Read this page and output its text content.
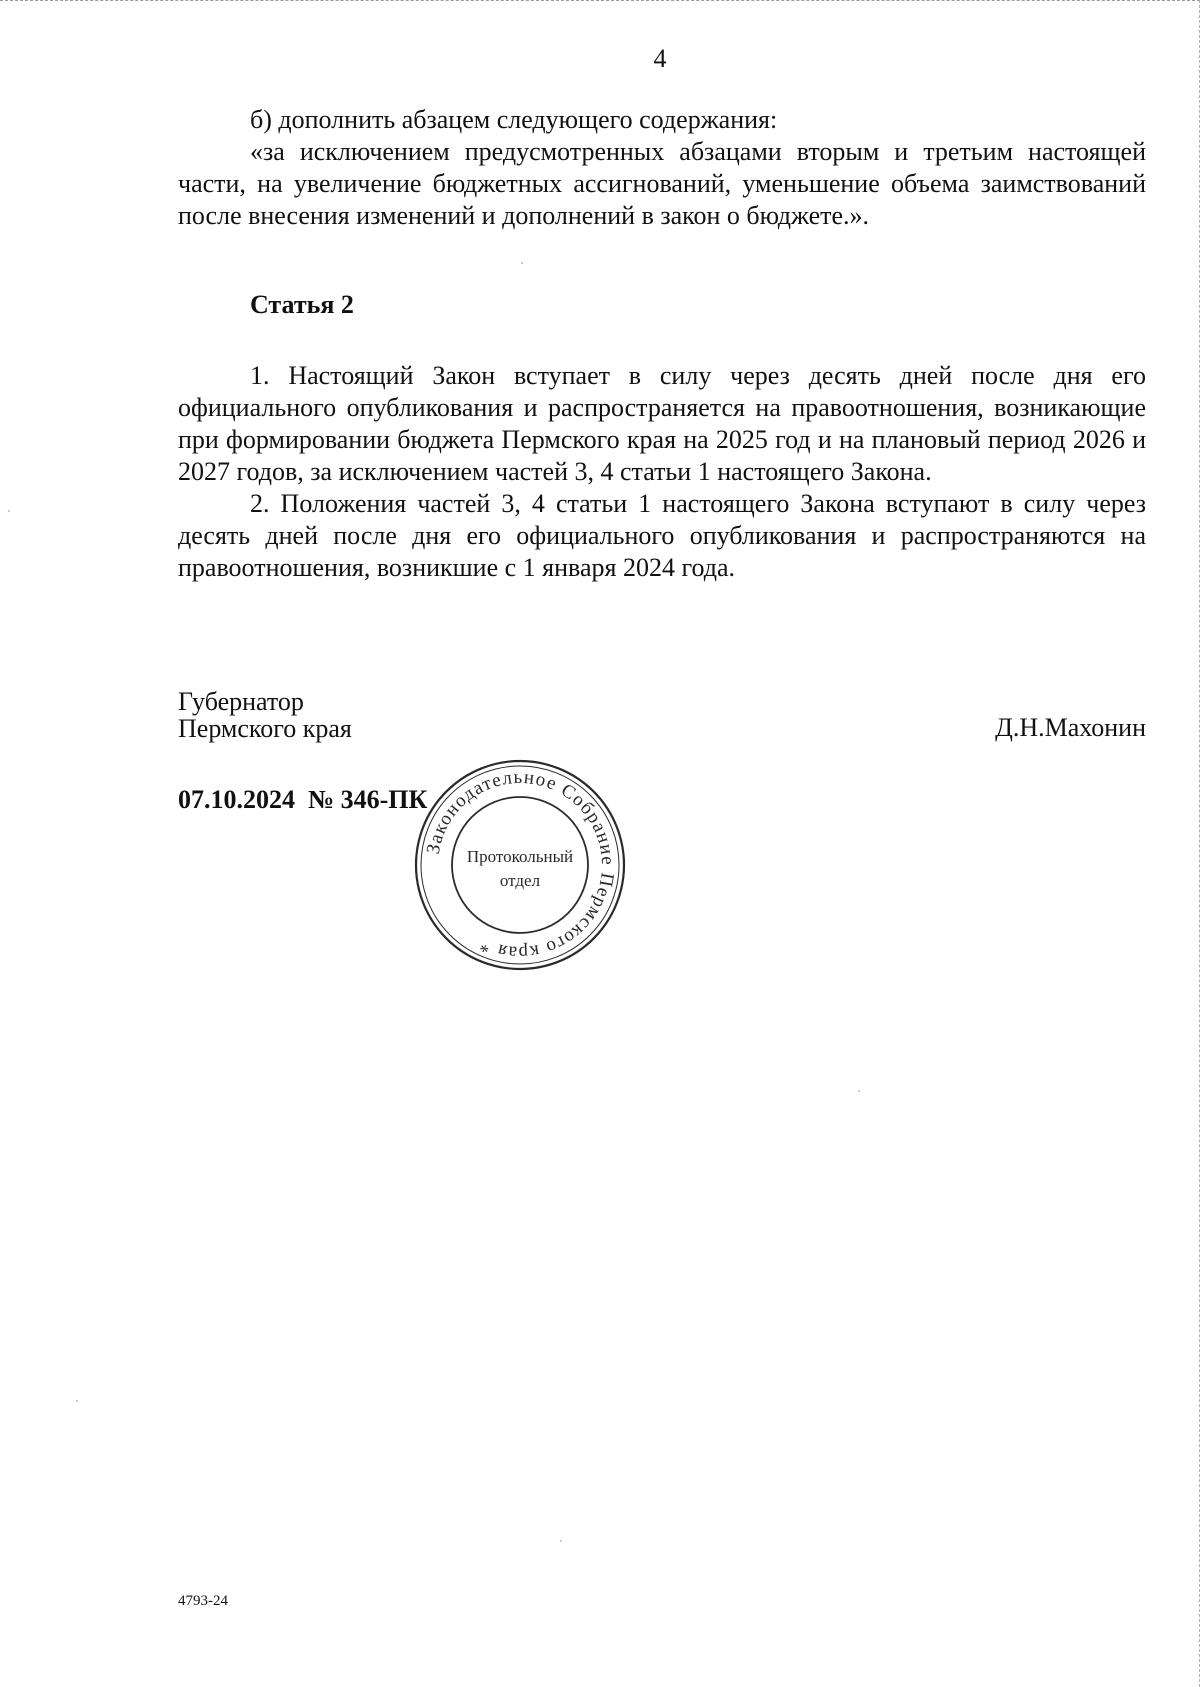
4

б) дополнить абзацем следующего содержания:

«за исключением предусмотренных абзацами вторым и третьим настоящей части, на увеличение бюджетных ассигнований, уменьшение объема заимствований после внесения изменений и дополнений в закон о бюджете.».

Статья 2

1. Настоящий Закон вступает в силу через десять дней после дня его официального опубликования и распространяется на правоотношения, возникающие при формировании бюджета Пермского края на 2025 год и на плановый период 2026 и 2027 годов, за исключением частей 3, 4 статьи 1 настоящего Закона.

2. Положения частей 3, 4 статьи 1 настоящего Закона вступают в силу через десять дней после дня его официального опубликования и распространяются на правоотношения, возникшие с 1 января 2024 года.

Губернатор
Пермского края	Д.Н.Махонин
07.10.2024  № 346-ПК
Законодательное Собрание Пермского края *
Протокольный
отдел
4793-24
